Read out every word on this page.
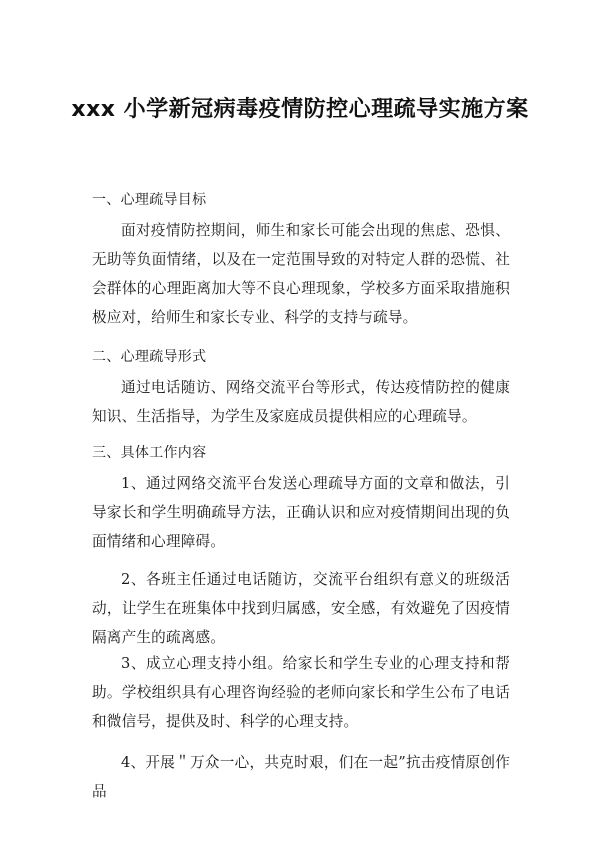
xxx 小学新冠病毒疫情防控心理疏导实施方案
一、心理疏导目标
面对疫情防控期间，师生和家长可能会出现的焦虑、恐惧、无助等负面情绪，以及在一定范围导致的对特定人群的恐慌、社会群体的心理距离加大等不良心理现象，学校多方面采取措施积极应对，给师生和家长专业、科学的支持与疏导。
二、心理疏导形式
通过电话随访、网络交流平台等形式，传达疫情防控的健康知识、生活指导，为学生及家庭成员提供相应的心理疏导。
三、具体工作内容
1、通过网络交流平台发送心理疏导方面的文章和做法，引导家长和学生明确疏导方法，正确认识和应对疫情期间出现的负面情绪和心理障碍。
2、各班主任通过电话随访，交流平台组织有意义的班级活动，让学生在班集体中找到归属感，安全感，有效避免了因疫情隔离产生的疏离感。
3、成立心理支持小组。给家长和学生专业的心理支持和帮助。学校组织具有心理咨询经验的老师向家长和学生公布了电话和微信号，提供及时、科学的心理支持。
4、开展＂万众一心，共克时艰，们在一起”抗击疫情原创作品
